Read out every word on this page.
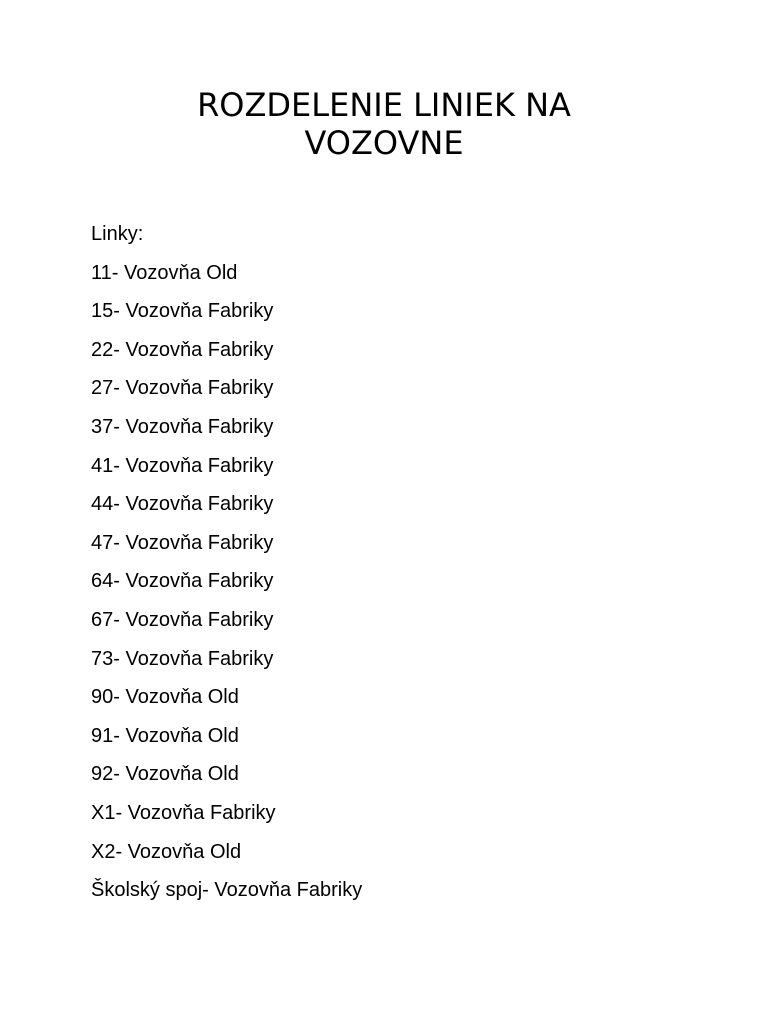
ROZDELENIE LINIEK NA
VOZOVNE
Linky:
11- Vozovňa Old
15- Vozovňa Fabriky
22- Vozovňa Fabriky
27- Vozovňa Fabriky
37- Vozovňa Fabriky
41- Vozovňa Fabriky
44- Vozovňa Fabriky
47- Vozovňa Fabriky
64- Vozovňa Fabriky
67- Vozovňa Fabriky
73- Vozovňa Fabriky
90- Vozovňa Old
91- Vozovňa Old
92- Vozovňa Old
X1- Vozovňa Fabriky
X2- Vozovňa Old
Školský spoj- Vozovňa Fabriky
